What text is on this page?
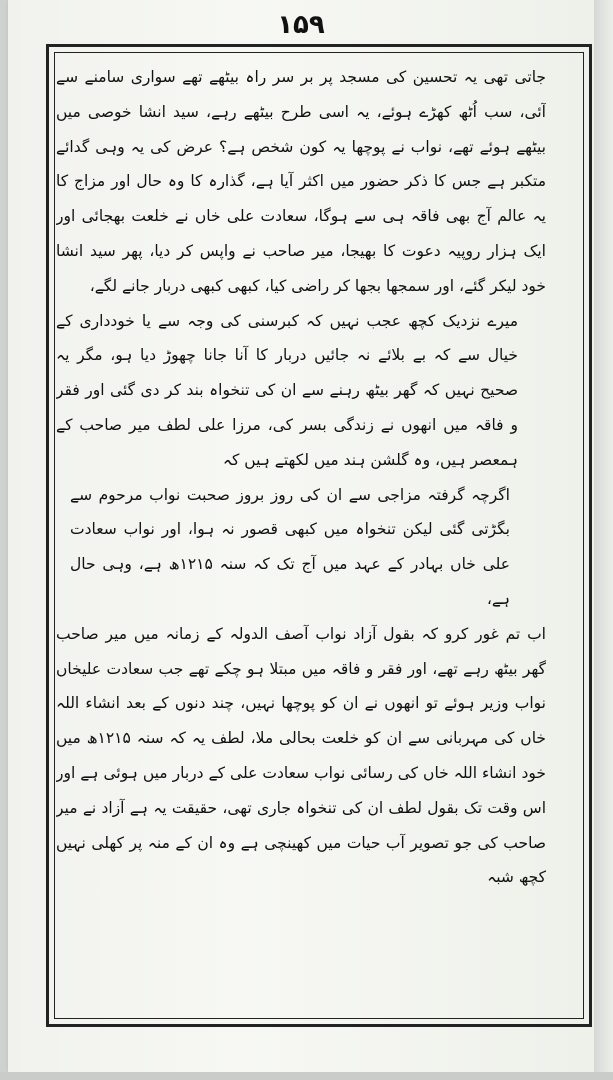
۱۵۹

جاتی تھی یہ تحسین کی مسجد پر بر سر راہ بیٹھے تھے سواری سامنے سے آئی، سب اُٹھ کھڑے ہوئے، یہ اسی طرح بیٹھے رہے، سید انشا خوصی میں بیٹھے ہوئے تھے، نواب نے پوچھا یہ کون شخص ہے؟ عرض کی یہ وہی گدائے متکبر ہے جس کا ذکر حضور میں اکثر آیا ہے، گذارہ کا وہ حال اور مزاج کا یہ عالم آج بھی فاقہ ہی سے ہوگا، سعادت علی خاں نے خلعت بھجائی اور ایک ہزار روپیہ دعوت کا بھیجا، میر صاحب نے واپس کر دیا، پھر سید انشا خود لیکر گئے، اور سمجھا بجھا کر راضی کیا، کبھی کبھی دربار جانے لگے،

میرے نزدیک کچھ عجب نہیں کہ کبرسنی کی وجہ سے یا خودداری کے خیال سے کہ بے بلائے نہ جائیں دربار کا آنا جانا چھوڑ دیا ہو، مگر یہ صحیح نہیں کہ گھر بیٹھ رہنے سے ان کی تنخواہ بند کر دی گئی اور فقر و فاقہ میں انھوں نے زندگی بسر کی، مرزا علی لطف میر صاحب کے ہمعصر ہیں، وہ گلشن ہند میں لکھتے ہیں کہ

اگرچہ گرفتہ مزاجی سے ان کی روز بروز صحبت نواب مرحوم سے بگڑتی گئی لیکن تنخواہ میں کبھی قصور نہ ہوا، اور نواب سعادت علی خاں بہادر کے عہد میں آج تک کہ سنہ ۱۲۱۵ھ ہے، وہی حال ہے،

اب تم غور کرو کہ بقول آزاد نواب آصف الدولہ کے زمانہ میں میر صاحب گھر بیٹھ رہے تھے، اور فقر و فاقہ میں مبتلا ہو چکے تھے جب سعادت علیخاں نواب وزیر ہوئے تو انھوں نے ان کو پوچھا نہیں، چند دنوں کے بعد انشاء اللہ خاں کی مہربانی سے ان کو خلعت بحالی ملا، لطف یہ کہ سنہ ۱۲۱۵ھ میں خود انشاء اللہ خاں کی رسائی نواب سعادت علی کے دربار میں ہوئی ہے اور اس وقت تک بقول لطف ان کی تنخواہ جاری تھی، حقیقت یہ ہے آزاد نے میر صاحب کی جو تصویر آب حیات میں کھینچی ہے وہ ان کے منہ پر کھلی نہیں کچھ شبہ
